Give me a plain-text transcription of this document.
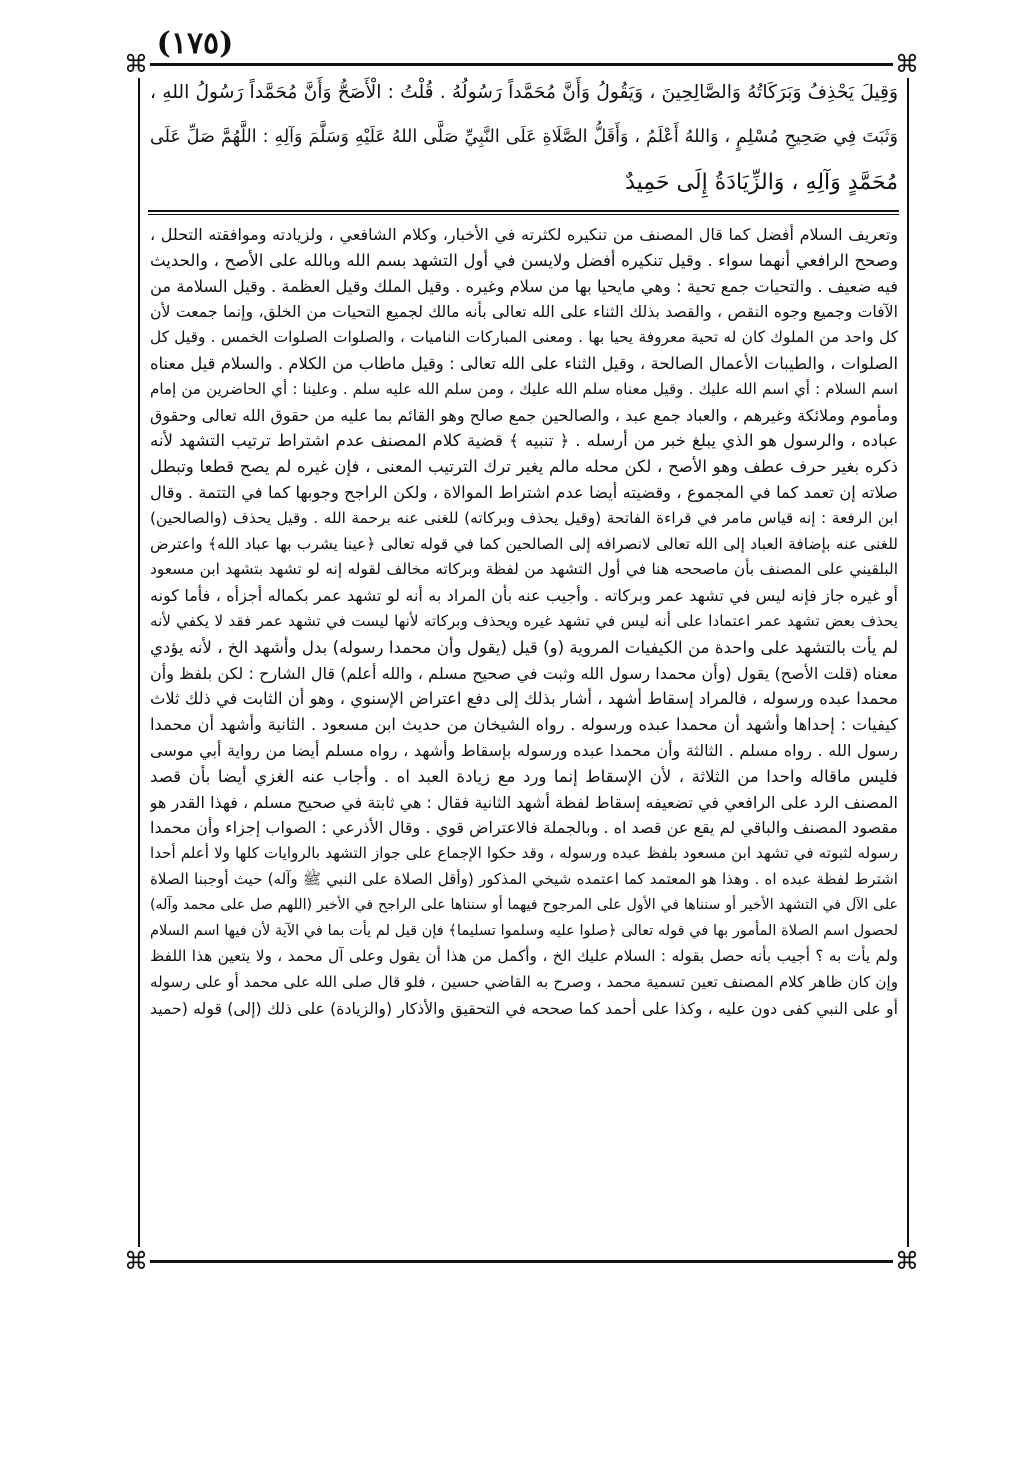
(١٧٥)
⌘	⌘
⌘	⌘
وَقِيلَ يَحْذِفُ وَبَرَكَاتُهُ وَالصَّالِحِينَ ، وَيَقُولُ وَأَنَّ مُحَمَّداً رَسُولُهُ . قُلْتُ : الْأَصَحُّ وَأَنَّ مُحَمَّداً رَسُولُ اللهِ ،
وَثَبَتَ فِي صَحِيحِ مُسْلِمٍ ، وَاللهُ أَعْلَمُ ، وَأَقَلُّ الصَّلَاةِ عَلَى النَّبِيِّ صَلَّى اللهُ عَلَيْهِ وَسَلَّمَ وَآلِهِ : اللَّهُمَّ صَلِّ عَلَى
مُحَمَّدٍ وَآلِهِ ، وَالزِّيَادَةُ إِلَى حَمِيدٌ
وتعريف السلام أفضل كما قال المصنف من تنكيره لكثرته في الأخبار، وكلام الشافعي ، ولزيادته وموافقته التحلل ،
وصحح الرافعي أنهما سواء . وقيل تنكيره أفضل ولايسن في أول التشهد بسم الله وبالله على الأصح ، والحديث
فيه ضعيف . والتحيات جمع تحية : وهي مايحيا بها من سلام وغيره . وقيل الملك وقيل العظمة . وقيل السلامة من
الآفات وجميع وجوه النقص ، والقصد بذلك الثناء على الله تعالى بأنه مالك لجميع التحيات من الخلق، وإنما جمعت لأن
كل واحد من الملوك كان له تحية معروفة يحيا بها . ومعنى المباركات الناميات ، والصلوات الصلوات الخمس . وقيل كل
الصلوات ، والطيبات الأعمال الصالحة ، وقيل الثناء على الله تعالى : وقيل ماطاب من الكلام . والسلام قيل معناه
اسم السلام : أي اسم الله عليك . وقيل معناه سلم الله عليك ، ومن سلم الله عليه سلم . وعلينا : أي الحاضرين من إمام
ومأموم وملائكة وغيرهم ، والعباد جمع عبد ، والصالحين جمع صالح وهو القائم بما عليه من حقوق الله تعالى وحقوق
عباده ، والرسول هو الذي يبلغ خبر من أرسله . ﴿ تنبيه ﴾ قضية كلام المصنف عدم اشتراط ترتيب التشهد لأنه
ذكره بغير حرف عطف وهو الأصح ، لكن محله مالم يغير ترك الترتيب المعنى ، فإن غيره لم يصح قطعا وتبطل
صلاته إن تعمد كما في المجموع ، وقضيته أيضا عدم اشتراط الموالاة ، ولكن الراجح وجوبها كما في التتمة . وقال
ابن الرفعة : إنه قياس مامر في قراءة الفاتحة (وقيل يحذف وبركاته) للغنى عنه برحمة الله . وقيل يحذف (والصالحين)
للغنى عنه بإضافة العباد إلى الله تعالى لانصرافه إلى الصالحين كما في قوله تعالى ﴿عينا يشرب بها عباد الله﴾ واعترض
البلقيني على المصنف بأن ماصححه هنا في أول التشهد من لفظة وبركاته مخالف لقوله إنه لو تشهد بتشهد ابن مسعود
أو غيره جاز فإنه ليس في تشهد عمر وبركاته . وأجيب عنه بأن المراد به أنه لو تشهد عمر بكماله أجزأه ، فأما كونه
يحذف بعض تشهد عمر اعتمادا على أنه ليس في تشهد غيره ويحذف وبركاته لأنها ليست في تشهد عمر فقد لا يكفي لأنه
لم يأت بالتشهد على واحدة من الكيفيات المروية (و) قيل (يقول وأن محمدا رسوله) بدل وأشهد الخ ، لأنه يؤدي
معناه (قلت الأصح) يقول (وأن محمدا رسول الله وثبت في صحيح مسلم ، والله أعلم) قال الشارح : لكن بلفظ وأن
محمدا عبده ورسوله ، فالمراد إسقاط أشهد ، أشار بذلك إلى دفع اعتراض الإسنوي ، وهو أن الثابت في ذلك ثلاث
كيفيات : إحداها وأشهد أن محمدا عبده ورسوله . رواه الشيخان من حديث ابن مسعود . الثانية وأشهد أن محمدا
رسول الله . رواه مسلم . الثالثة وأن محمدا عبده ورسوله بإسقاط وأشهد ، رواه مسلم أيضا من رواية أبي موسى
فليس ماقاله واحدا من الثلاثة ، لأن الإسقاط إنما ورد مع زيادة العبد اه . وأجاب عنه الغزي أيضا بأن قصد
المصنف الرد على الرافعي في تضعيفه إسقاط لفظة أشهد الثانية فقال : هي ثابتة في صحيح مسلم ، فهذا القدر هو
مقصود المصنف والباقي لم يقع عن قصد اه . وبالجملة فالاعتراض قوي . وقال الأذرعي : الصواب إجزاء وأن محمدا
رسوله لثبوته في تشهد ابن مسعود بلفظ عبده ورسوله ، وقد حكوا الإجماع على جواز التشهد بالروايات كلها ولا أعلم أحدا
اشترط لفظة عبده اه . وهذا هو المعتمد كما اعتمده شيخي المذكور (وأقل الصلاة على النبي ﷺ وآله) حيث أوجبنا الصلاة
على الآل في التشهد الأخير أو سنناها في الأول على المرجوح فيهما أو سنناها على الراجح في الأخير (اللهم صل على محمد وآله)
لحصول اسم الصلاة المأمور بها في قوله تعالى ﴿صلوا عليه وسلموا تسليما﴾ فإن قيل لم يأت بما في الآية لأن فيها اسم السلام
ولم يأت به ؟ أجيب بأنه حصل بقوله : السلام عليك الخ ، وأكمل من هذا أن يقول وعلى آل محمد ، ولا يتعين هذا اللفظ
وإن كان ظاهر كلام المصنف تعين تسمية محمد ، وصرح به القاضي حسين ، فلو قال صلى الله على محمد أو على رسوله
أو على النبي كفى دون عليه ، وكذا على أحمد كما صححه في التحقيق والأذكار (والزيادة) على ذلك (إلى) قوله (حميد
